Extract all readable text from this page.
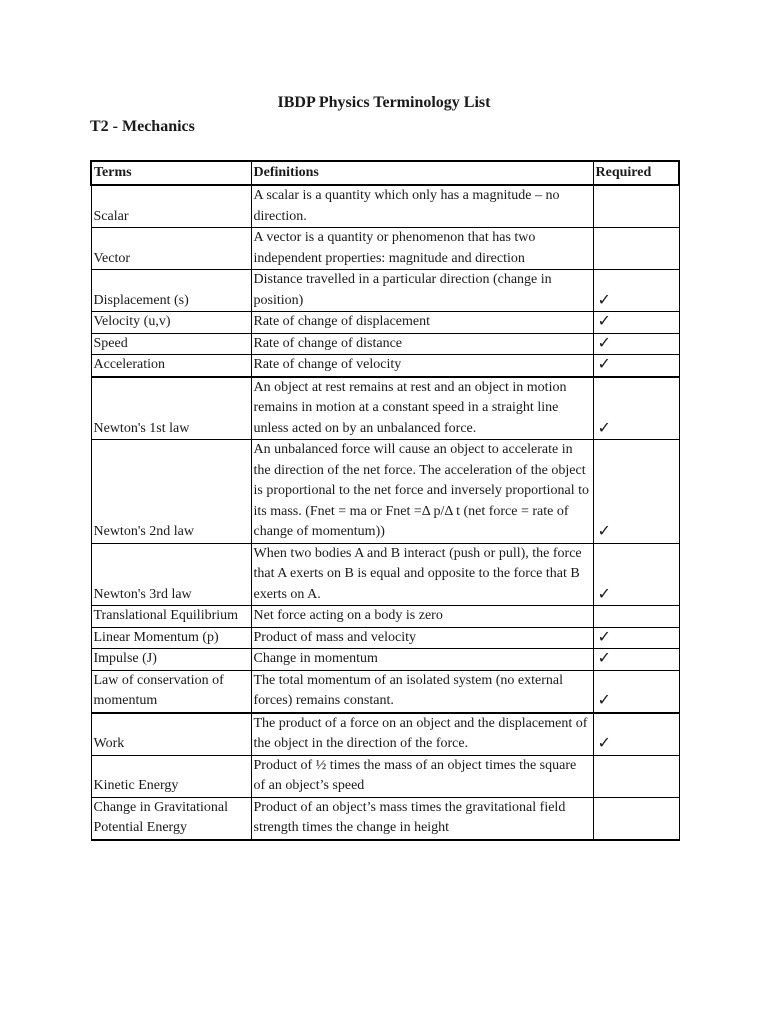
IBDP Physics Terminology List
T2 - Mechanics
Terms	Definitions	Required
Scalar	A scalar is a quantity which only has a magnitude – no direction.	
Vector	A vector is a quantity or phenomenon that has two independent properties: magnitude and direction	
Displacement (s)	Distance travelled in a particular direction (change in position)	✓
Velocity (u,v)	Rate of change of displacement	✓
Speed	Rate of change of distance	✓
Acceleration	Rate of change of velocity	✓
Newton's 1st law	An object at rest remains at rest and an object in motion remains in motion at a constant speed in a straight line unless acted on by an unbalanced force.	✓
Newton's 2nd law	An unbalanced force will cause an object to accelerate in the direction of the net force. The acceleration of the object is proportional to the net force and inversely proportional to its mass. (Fnet = ma or Fnet =Δ p/Δ t (net force = rate of change of momentum))	✓
Newton's 3rd law	When two bodies A and B interact (push or pull), the force that A exerts on B is equal and opposite to the force that B exerts on A.	✓
Translational Equilibrium	Net force acting on a body is zero	
Linear Momentum (p)	Product of mass and velocity	✓
Impulse (J)	Change in momentum	✓
Law of conservation of momentum	The total momentum of an isolated system (no external forces) remains constant.	✓
Work	The product of a force on an object and the displacement of the object in the direction of the force.	✓
Kinetic Energy	Product of ½ times the mass of an object times the square of an object’s speed	
Change in Gravitational Potential Energy	Product of an object’s mass times the gravitational field strength times the change in height	
